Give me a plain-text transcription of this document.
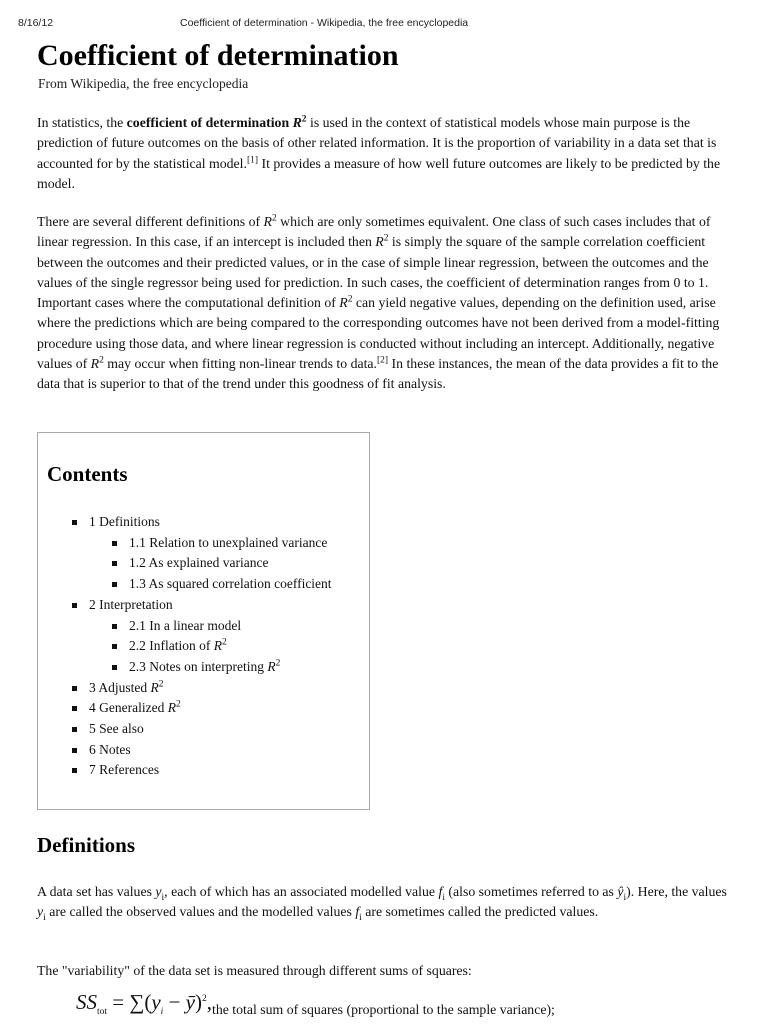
8/16/12	Coefficient of determination - Wikipedia, the free encyclopedia
Coefficient of determination
From Wikipedia, the free encyclopedia

In statistics, the coefficient of determination $R^2$ is used in the context of statistical models whose main purpose is the prediction of future outcomes on the basis of other related information. It is the proportion of variability in a data set that is accounted for by the statistical model.[1] It provides a measure of how well future outcomes are likely to be predicted by the model.

There are several different definitions of $R^2$ which are only sometimes equivalent. One class of such cases includes that of linear regression. In this case, if an intercept is included then $R^2$ is simply the square of the sample correlation coefficient between the outcomes and their predicted values, or in the case of simple linear regression, between the outcomes and the values of the single regressor being used for prediction. In such cases, the coefficient of determination ranges from 0 to 1. Important cases where the computational definition of $R^2$ can yield negative values, depending on the definition used, arise where the predictions which are being compared to the corresponding outcomes have not been derived from a model-fitting procedure using those data, and where linear regression is conducted without including an intercept. Additionally, negative values of $R^2$ may occur when fitting non-linear trends to data.[2] In these instances, the mean of the data provides a fit to the data that is superior to that of the trend under this goodness of fit analysis.

Contents
1 Definitions
1.1 Relation to unexplained variance
1.2 As explained variance
1.3 As squared correlation coefficient
2 Interpretation
2.1 In a linear model
2.2 Inflation of $R^2$
2.3 Notes on interpreting $R^2$
3 Adjusted $R^2$
4 Generalized $R^2$
5 See also
6 Notes
7 References
Definitions

A data set has values $y_i$, each of which has an associated modelled value $f_i$ (also sometimes referred to as $ŷ_i$). Here, the values $y_i$ are called the observed values and the modelled values $f_i$ are sometimes called the predicted values.

The "variability" of the data set is measured through different sums of squares:

$SS_{tot} = \sum(y_i$ − ȳ)$^2$,the total sum of squares (proportional to the sample variance);
